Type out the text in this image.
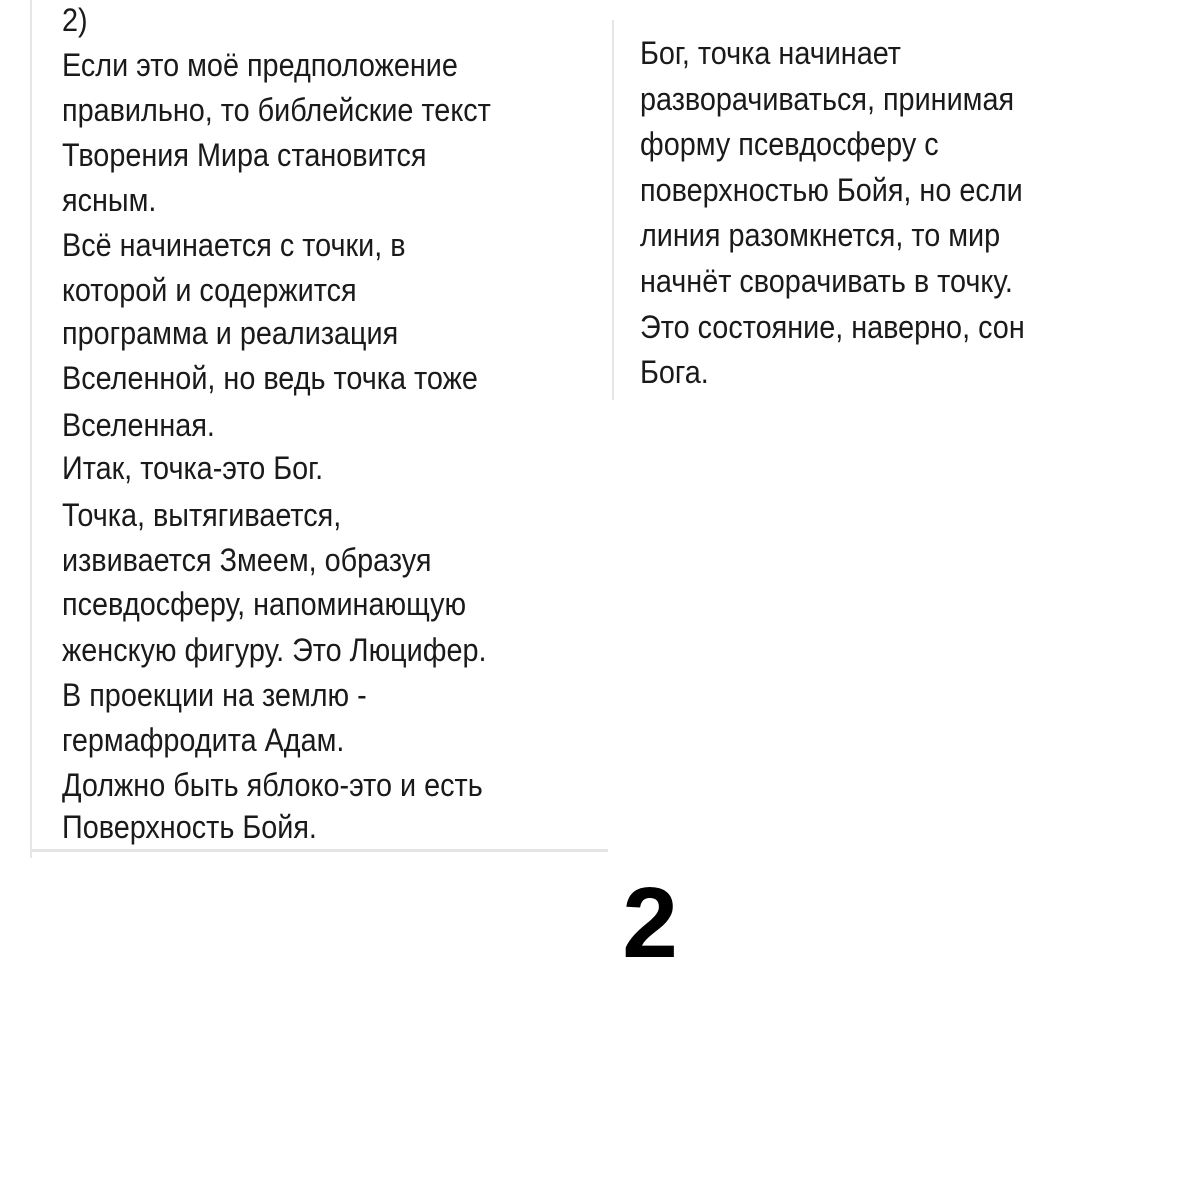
2)
Если это моё предположение
правильно, то библейские текст
Творения Мира становится
ясным.
Всё начинается с точки, в
которой и содержится
программа и реализация
Вселенной, но ведь точка тоже
Вселенная.
Итак, точка-это Бог.
Точка, вытягивается,
извивается Змеем, образуя
псевдосферу, напоминающую
женскую фигуру. Это Люцифер.
В проекции на землю -
гермафродита Адам.
Должно быть яблоко-это и есть
Поверхность Бойя.
Бог, точка начинает
разворачиваться, принимая
форму псевдосферу с
поверхностью Бойя, но если
линия разомкнется, то мир
начнёт сворачивать в точку.
Это состояние, наверно, сон
Бога.
2
